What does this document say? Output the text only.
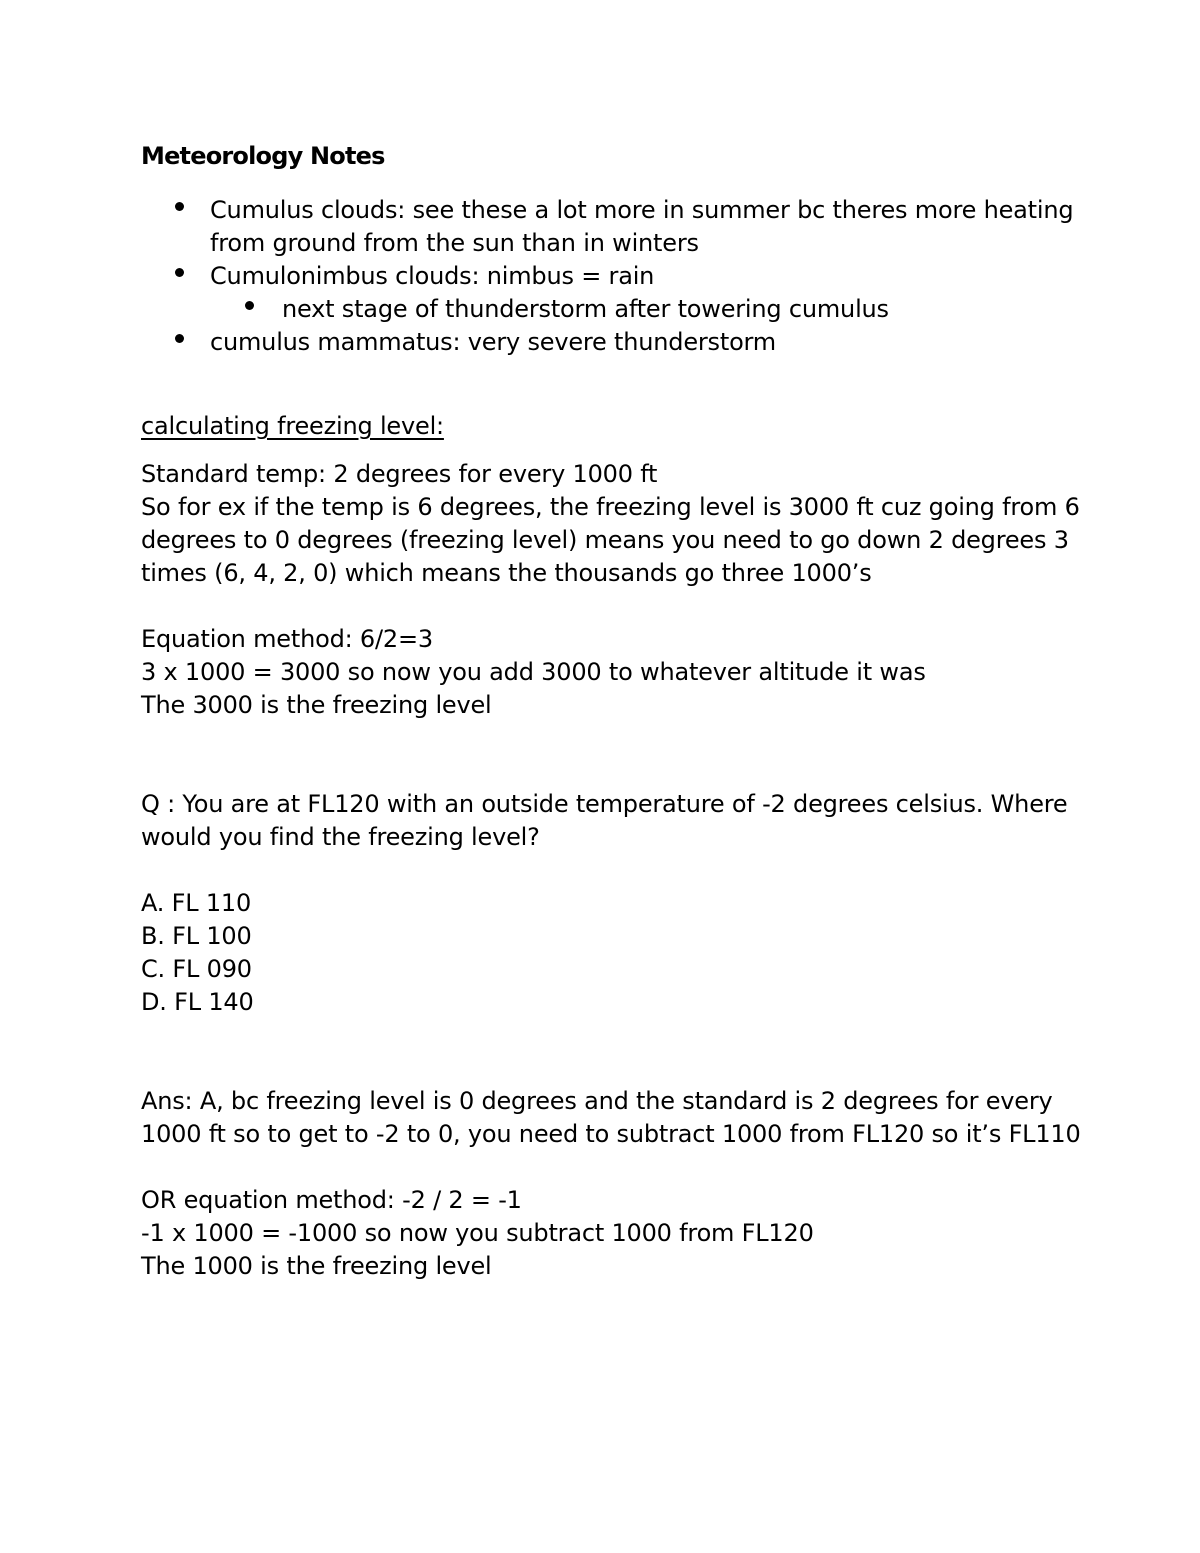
Meteorology Notes
Cumulus clouds: see these a lot more in summer bc theres more heating from ground from the sun than in winters
Cumulonimbus clouds: nimbus = rain
next stage of thunderstorm after towering cumulus
cumulus mammatus: very severe thunderstorm

calculating freezing level:

Standard temp: 2 degrees for every 1000 ft

So for ex if the temp is 6 degrees, the freezing level is 3000 ft cuz going from 6 degrees to 0 degrees (freezing level) means you need to go down 2 degrees 3 times (6, 4, 2, 0) which means the thousands go three 1000’s

Equation method: 6/2=3

3 x 1000 = 3000 so now you add 3000 to whatever altitude it was

The 3000 is the freezing level

Q : You are at FL120 with an outside temperature of -2 degrees celsius. Where would you find the freezing level?

A. FL 110

B. FL 100

C. FL 090

D. FL 140

Ans: A, bc freezing level is 0 degrees and the standard is 2 degrees for every 1000 ft so to get to -2 to 0, you need to subtract 1000 from FL120 so it’s FL110

OR equation method: -2 / 2 = -1

-1 x 1000 = -1000 so now you subtract 1000 from FL120

The 1000 is the freezing level
